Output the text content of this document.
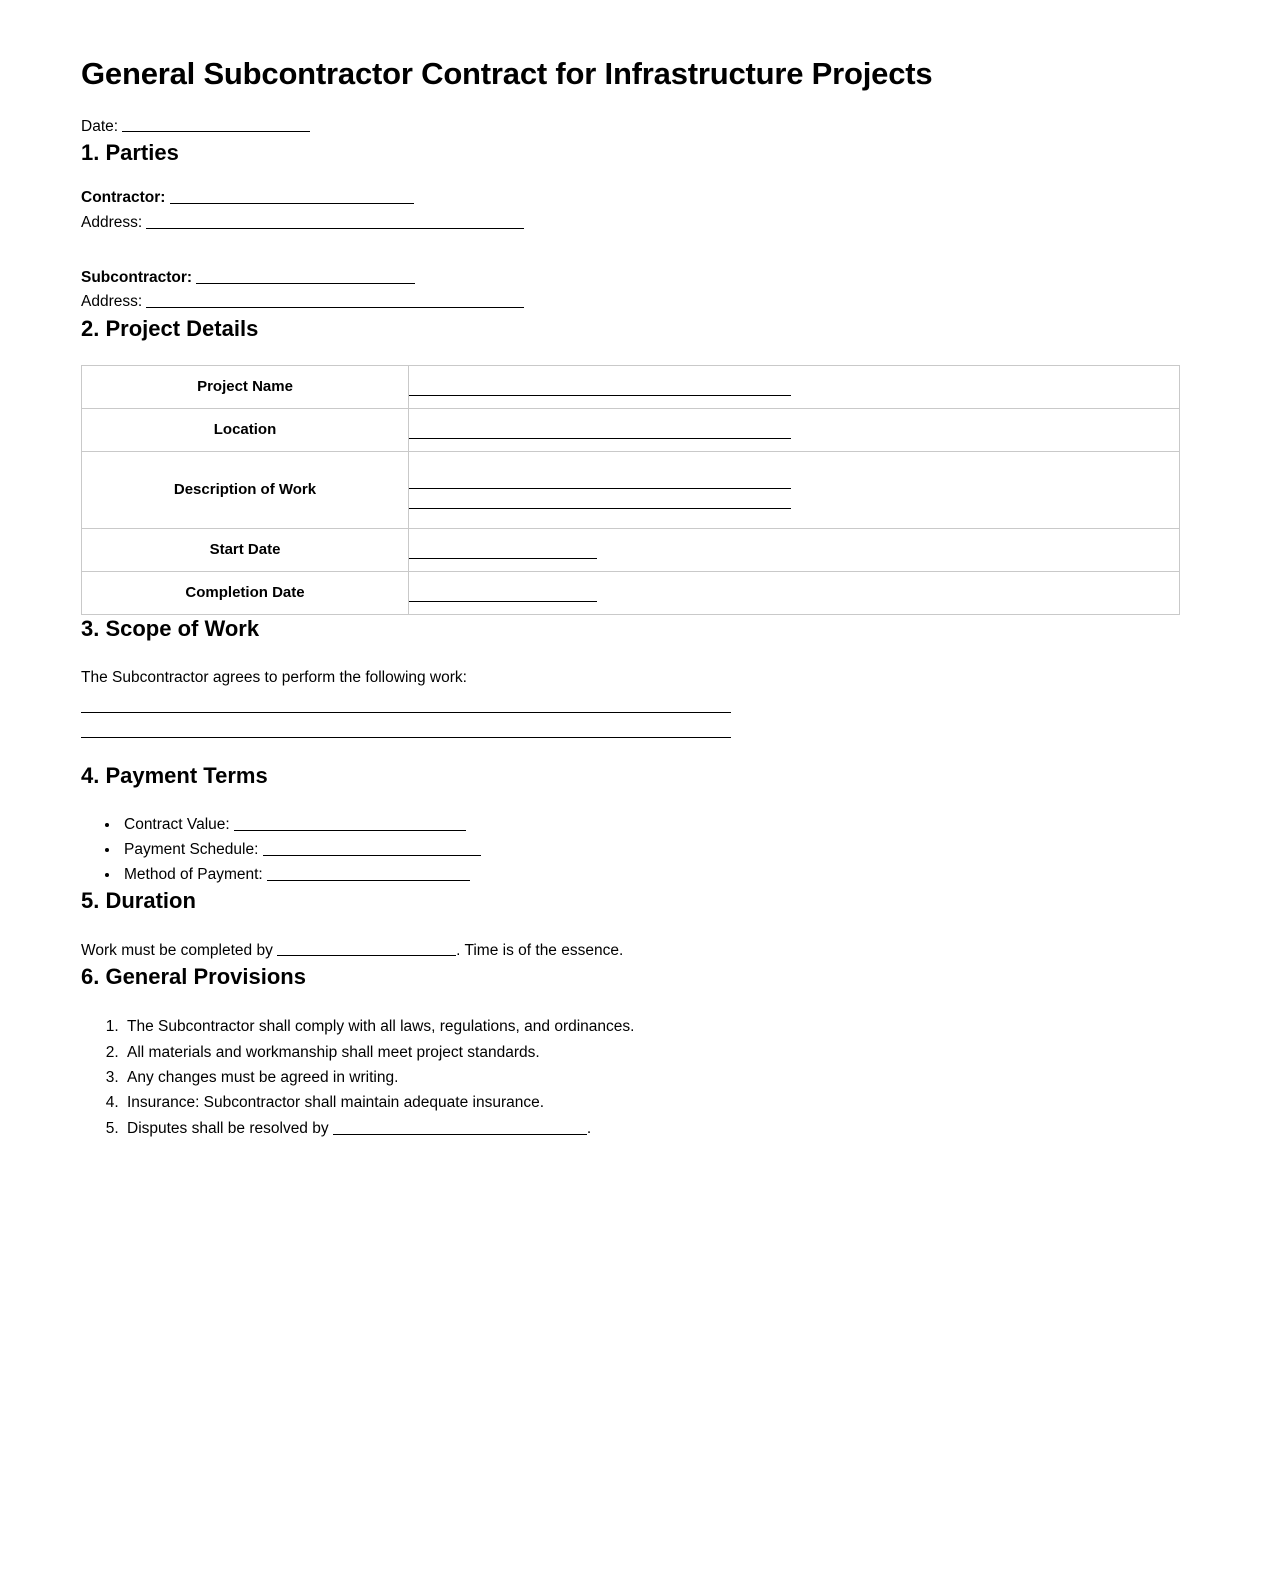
General Subcontractor Contract for Infrastructure Projects
Date:
1. Parties
Contractor:
Address:
Subcontractor:
Address:
2. Project Details
Project Name	

Location	

Description of Work	

Start Date	

Completion Date	
3. Scope of Work
The Subcontractor agrees to perform the following work:
4. Payment Terms
• Contract Value:
• Payment Schedule:
• Method of Payment:
5. Duration
Work must be completed by	. Time is of the essence.
6. General Provisions
1. The Subcontractor shall comply with all laws, regulations, and ordinances.
2. All materials and workmanship shall meet project standards.
3. Any changes must be agreed in writing.
4. Insurance: Subcontractor shall maintain adequate insurance.
5. Disputes shall be resolved by	.
